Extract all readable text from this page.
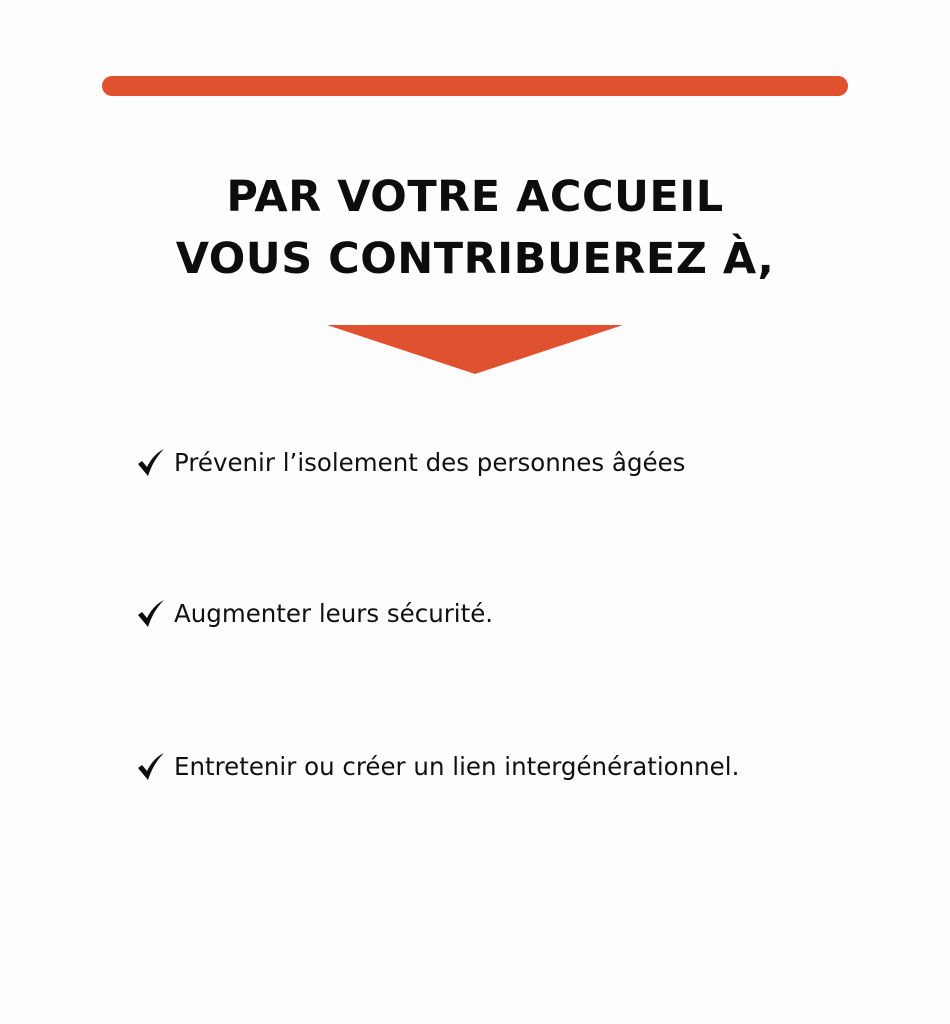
PAR VOTRE ACCUEIL
VOUS CONTRIBUEREZ À,
Prévenir l’isolement des personnes âgées
Augmenter leurs sécurité.
Entretenir ou créer un lien intergénérationnel.
